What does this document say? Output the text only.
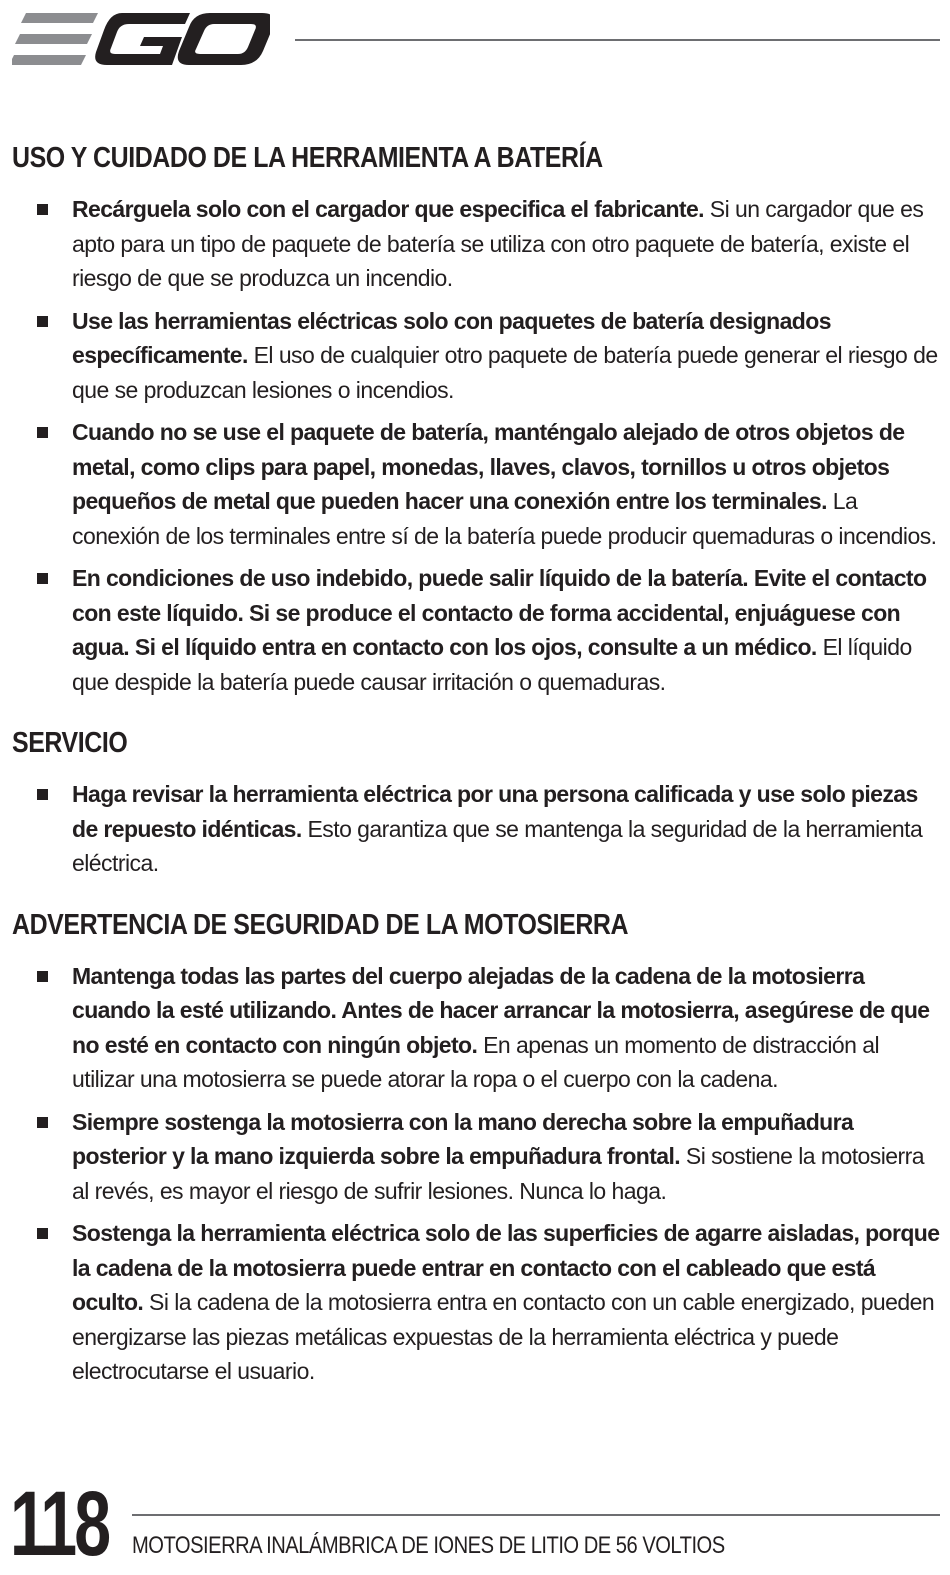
USO Y CUIDADO DE LA HERRAMIENTA A BATERÍA
Recárguela solo con el cargador que especifica el fabricante. Si un cargador que es apto para un tipo de paquete de batería se utiliza con otro paquete de batería, existe el riesgo de que se produzca un incendio.
Use las herramientas eléctricas solo con paquetes de batería designados específicamente. El uso de cualquier otro paquete de batería puede generar el riesgo de que se produzcan lesiones o incendios.
Cuando no se use el paquete de batería, manténgalo alejado de otros objetos de metal, como clips para papel, monedas, llaves, clavos, tornillos u otros objetos pequeños de metal que pueden hacer una conexión entre los terminales. La conexión de los terminales entre sí de la batería puede producir quemaduras o incendios.
En condiciones de uso indebido, puede salir líquido de la batería. Evite el contacto con este líquido. Si se produce el contacto de forma accidental, enjuáguese con agua. Si el líquido entra en contacto con los ojos, consulte a un médico. El líquido que despide la batería puede causar irritación o quemaduras.
SERVICIO
Haga revisar la herramienta eléctrica por una persona calificada y use solo piezas de repuesto idénticas. Esto garantiza que se mantenga la seguridad de la herramienta eléctrica.
ADVERTENCIA DE SEGURIDAD DE LA MOTOSIERRA
Mantenga todas las partes del cuerpo alejadas de la cadena de la motosierra cuando la esté utilizando. Antes de hacer arrancar la motosierra, asegúrese de que no esté en contacto con ningún objeto. En apenas un momento de distracción al utilizar una motosierra se puede atorar la ropa o el cuerpo con la cadena.
Siempre sostenga la motosierra con la mano derecha sobre la empuñadura posterior y la mano izquierda sobre la empuñadura frontal. Si sostiene la motosierra al revés, es mayor el riesgo de sufrir lesiones. Nunca lo haga.
Sostenga la herramienta eléctrica solo de las superficies de agarre aisladas, porque la cadena de la motosierra puede entrar en contacto con el cableado que está oculto. Si la cadena de la motosierra entra en contacto con un cable energizado, pueden energizarse las piezas metálicas expuestas de la herramienta eléctrica y puede electrocutarse el usuario.
118 MOTOSIERRA INALÁMBRICA DE IONES DE LITIO DE 56 VOLTIOS
